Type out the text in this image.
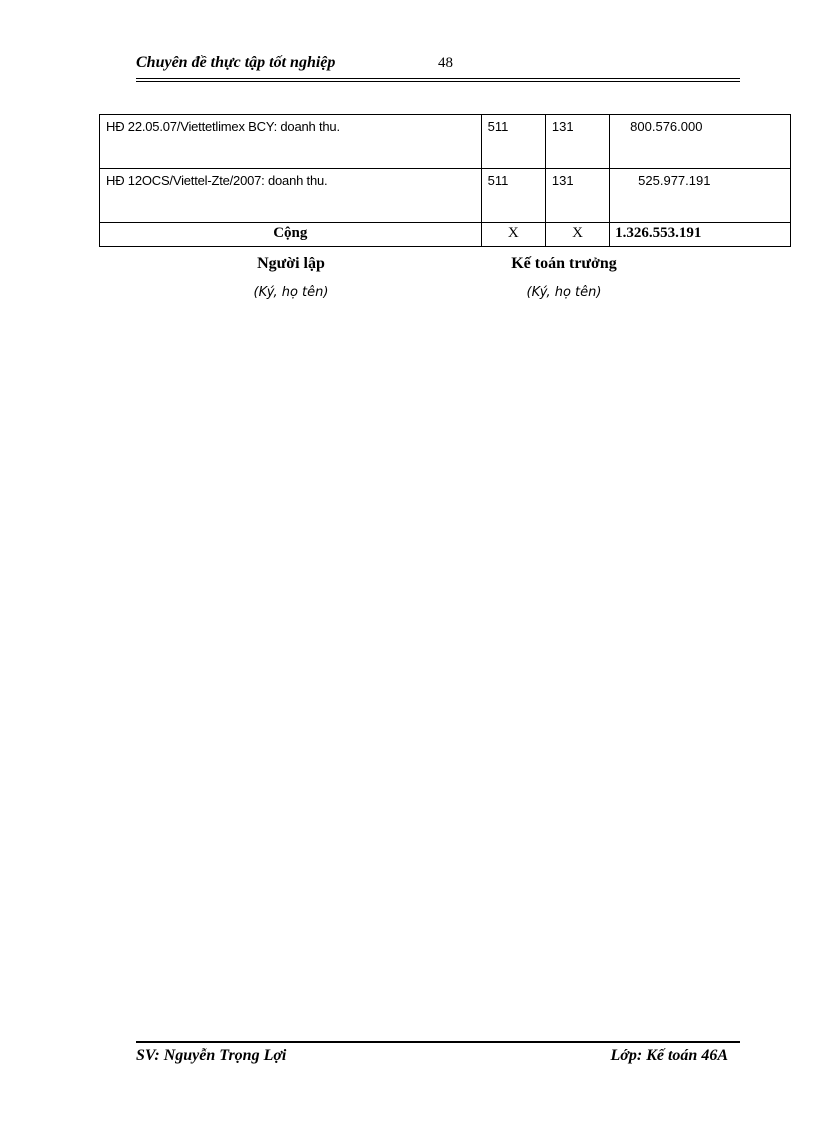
Chuyên đề thực tập tốt nghiệp	48
HĐ 22.05.07/Viettetlimex BCY: doanh thu.	511	131	800.576.000
HĐ 12OCS/Viettel-Zte/2007: doanh thu.	511	131	525.977.191
Cộng	X	X	1.326.553.191
Người lập
(Ký, họ tên)
Kế toán trưởng
(Ký, họ tên)
SV: Nguyễn Trọng Lợi	Lớp: Kế toán 46A
